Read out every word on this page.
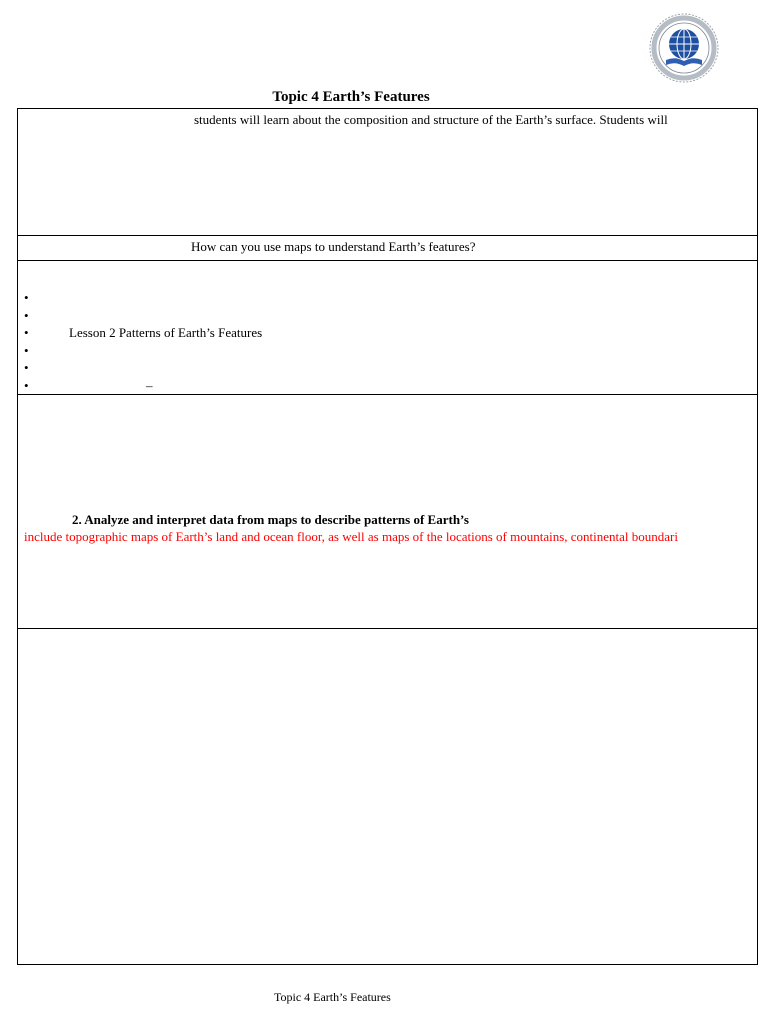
Topic 4 Earth’s Features
students will learn about the composition and structure of the Earth’s surface. Students will
How can you use maps to understand Earth’s features?
•
•
•	Lesson 2 Patterns of Earth’s Features
•
•
•	–
2. Analyze and interpret data from maps to describe patterns of Earth’s
include topographic maps of Earth’s land and ocean floor, as well as maps of the locations of mountains, continental boundari
Topic 4 Earth’s Features
